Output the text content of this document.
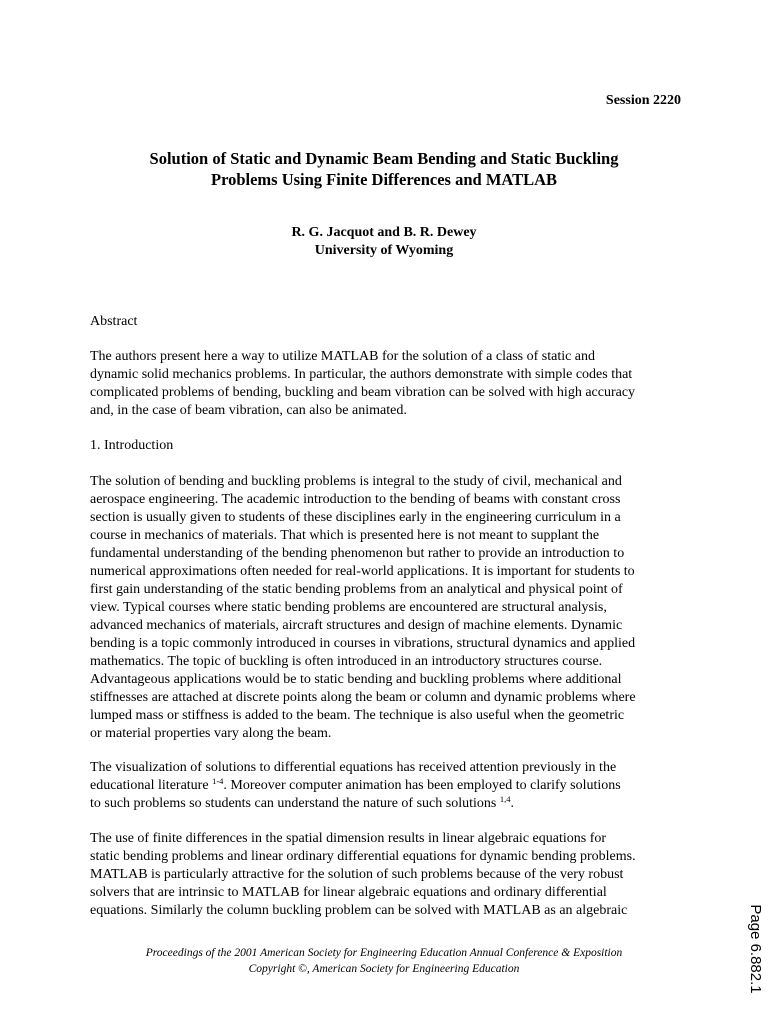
Session 2220
Solution of Static and Dynamic Beam Bending and Static Buckling
Problems Using Finite Differences and MATLAB
R. G. Jacquot and B. R. Dewey
University of Wyoming
Abstract
The authors present here a way to utilize MATLAB for the solution of a class of static and
dynamic solid mechanics problems. In particular, the authors demonstrate with simple codes that
complicated problems of bending, buckling and beam vibration can be solved with high accuracy
and, in the case of beam vibration, can also be animated.
1. Introduction
The solution of bending and buckling problems is integral to the study of civil, mechanical and
aerospace engineering. The academic introduction to the bending of beams with constant cross
section is usually given to students of these disciplines early in the engineering curriculum in a
course in mechanics of materials. That which is presented here is not meant to supplant the
fundamental understanding of the bending phenomenon but rather to provide an introduction to
numerical approximations often needed for real-world applications. It is important for students to
first gain understanding of the static bending problems from an analytical and physical point of
view. Typical courses where static bending problems are encountered are structural analysis,
advanced mechanics of materials, aircraft structures and design of machine elements. Dynamic
bending is a topic commonly introduced in courses in vibrations, structural dynamics and applied
mathematics. The topic of buckling is often introduced in an introductory structures course.
Advantageous applications would be to static bending and buckling problems where additional
stiffnesses are attached at discrete points along the beam or column and dynamic problems where
lumped mass or stiffness is added to the beam. The technique is also useful when the geometric
or material properties vary along the beam.
The visualization of solutions to differential equations has received attention previously in the
educational literature $^{1-4}$. Moreover computer animation has been employed to clarify solutions
to such problems so students can understand the nature of such solutions $^{1,4}$.
The use of finite differences in the spatial dimension results in linear algebraic equations for
static bending problems and linear ordinary differential equations for dynamic bending problems.
MATLAB is particularly attractive for the solution of such problems because of the very robust
solvers that are intrinsic to MATLAB for linear algebraic equations and ordinary differential
equations. Similarly the column buckling problem can be solved with MATLAB as an algebraic
Proceedings of the 2001 American Society for Engineering Education Annual Conference & Exposition
Copyright ©, American Society for Engineering Education	Page 6.882.1
